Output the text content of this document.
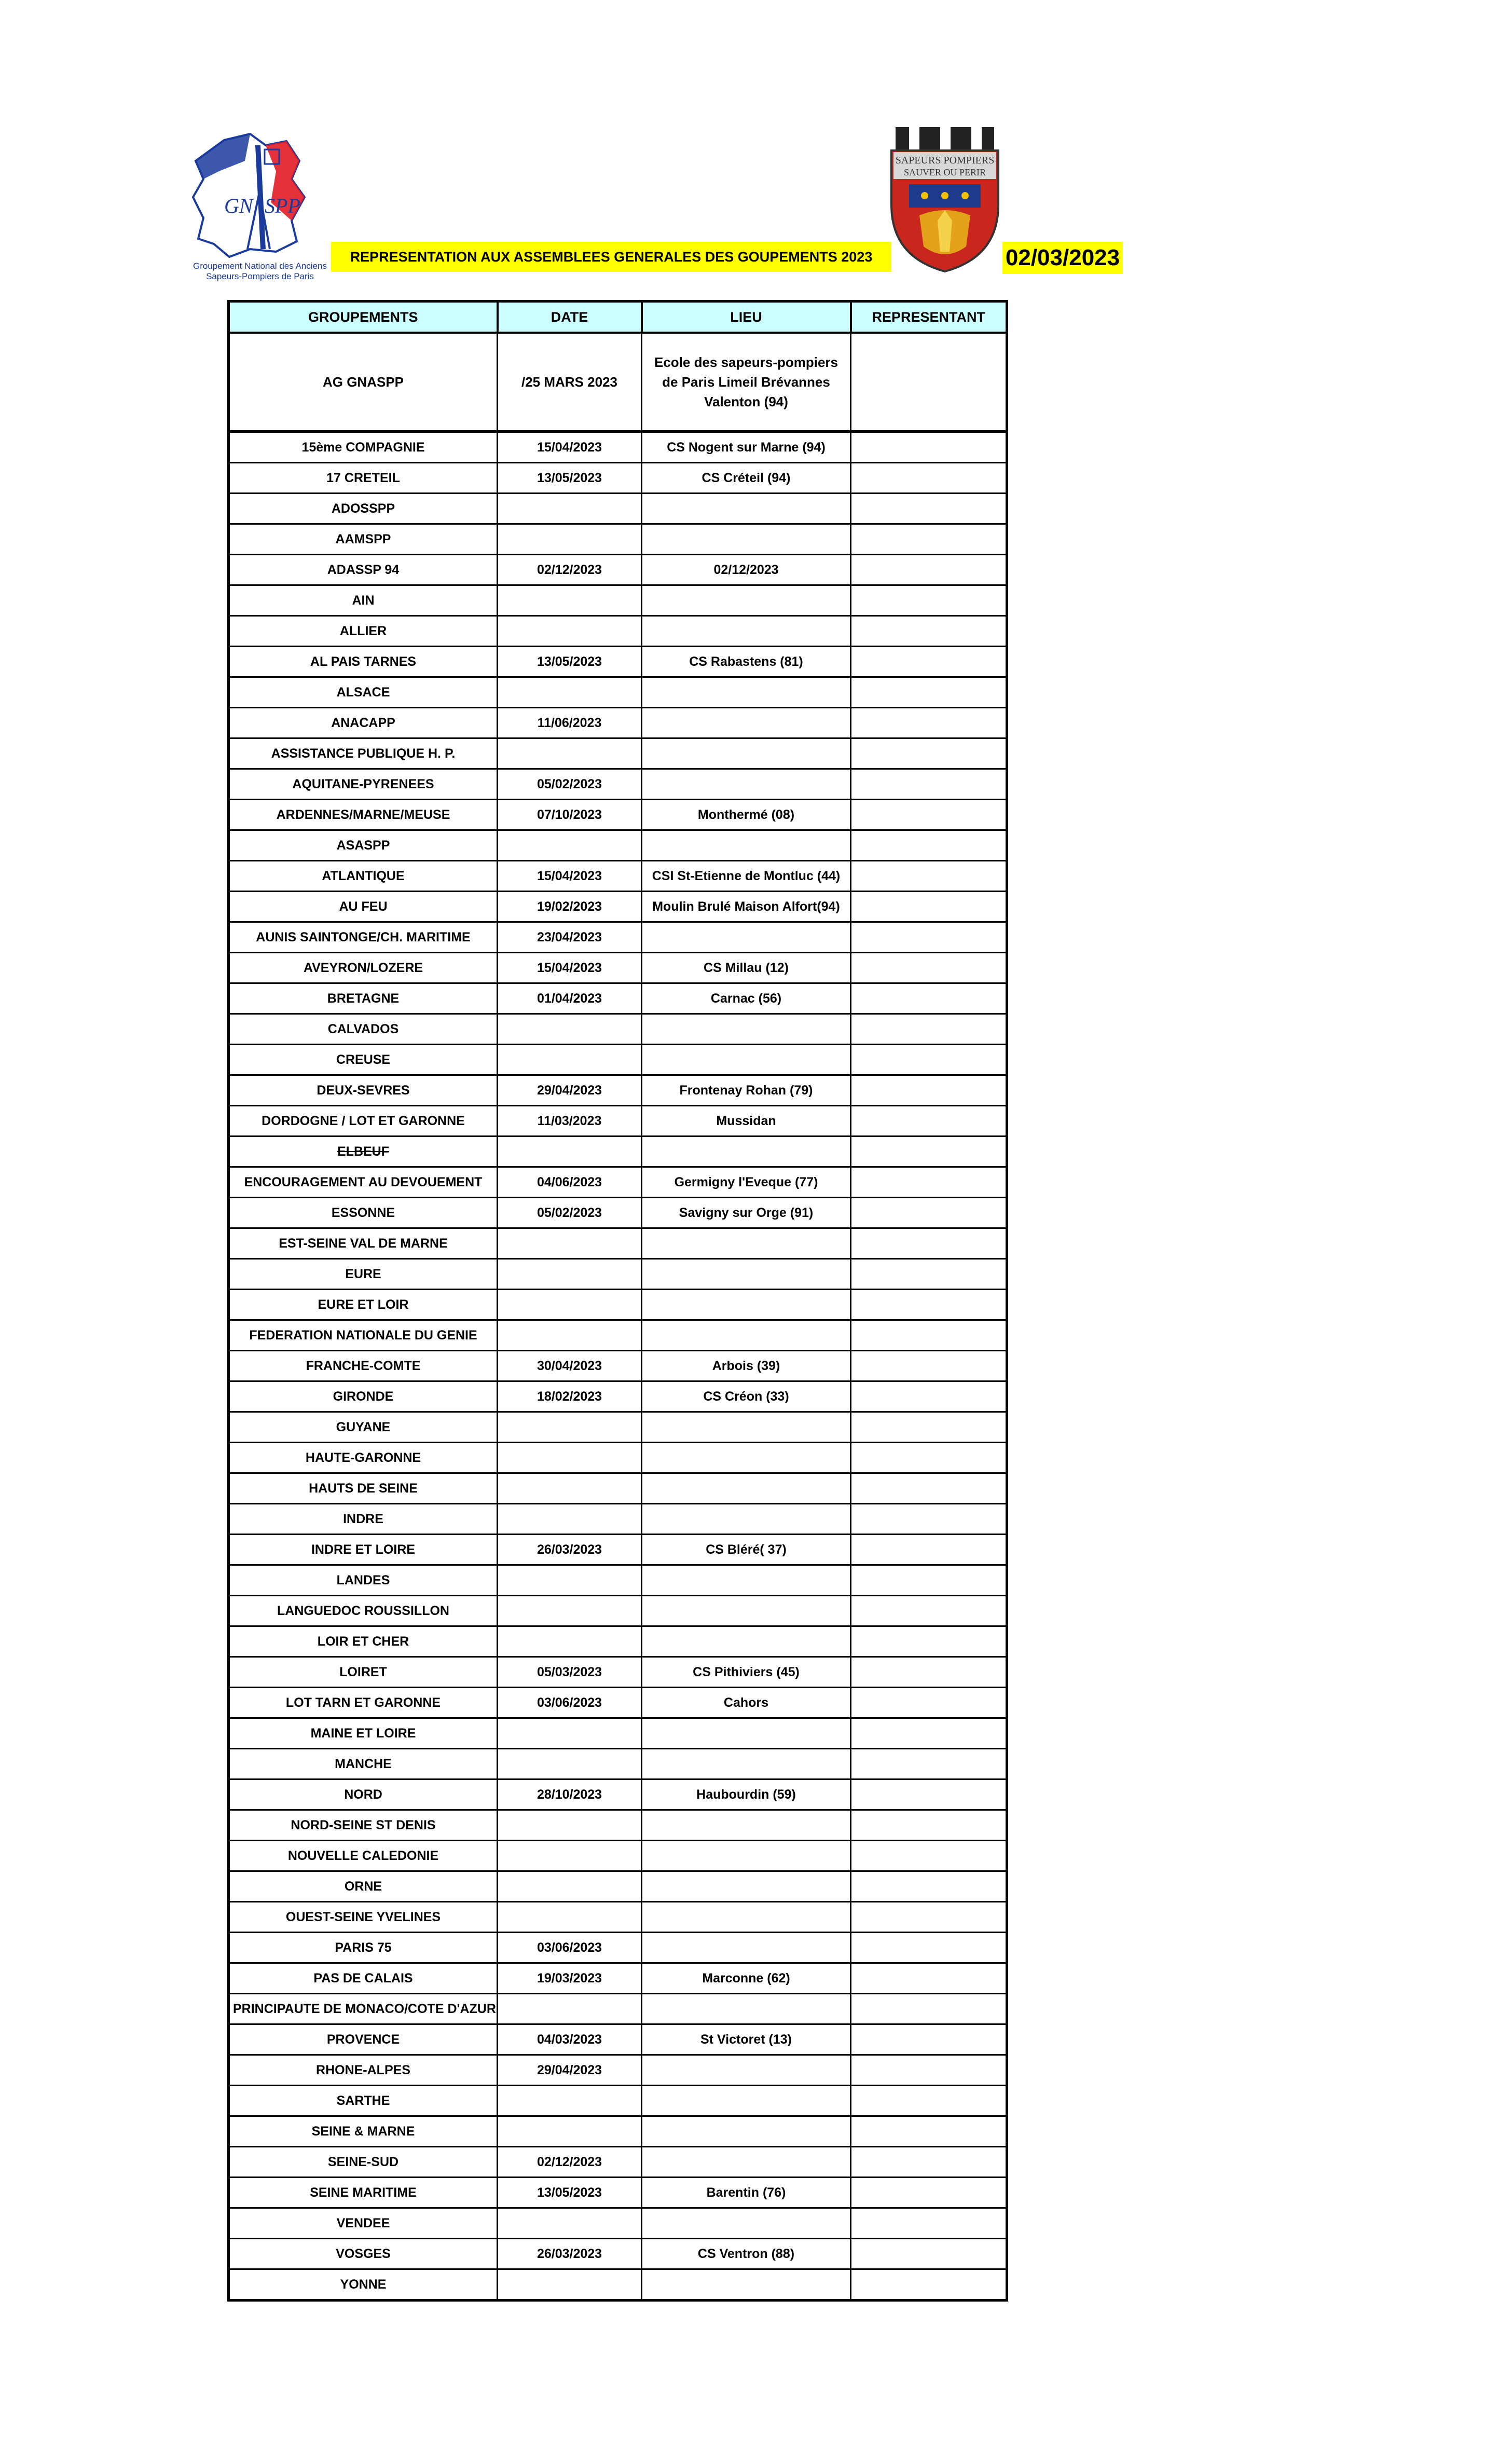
GN SPP
Groupement National des Anciens
Sapeurs-Pompiers de Paris
SAPEURS POMPIERS
SAUVER OU PERIR
REPRESENTATION AUX ASSEMBLEES GENERALES DES GOUPEMENTS 2023	02/03/2023
GROUPEMENTS	DATE	LIEU	REPRESENTANT
AG GNASPP	/25 MARS 2023	Ecole des sapeurs-pompiers de Paris Limeil Brévannes Valenton (94)	
15ème COMPAGNIE	15/04/2023	CS Nogent sur Marne (94)	
17 CRETEIL	13/05/2023	CS Créteil (94)	
ADOSSPP			
AAMSPP			
ADASSP 94	02/12/2023	02/12/2023	
AIN			
ALLIER			
AL PAIS TARNES	13/05/2023	CS Rabastens (81)	
ALSACE			
ANACAPP	11/06/2023		
ASSISTANCE PUBLIQUE H. P.			
AQUITANE-PYRENEES	05/02/2023		
ARDENNES/MARNE/MEUSE	07/10/2023	Monthermé (08)	
ASASPP			
ATLANTIQUE	15/04/2023	CSI St-Etienne de Montluc (44)	
AU FEU	19/02/2023	Moulin Brulé Maison Alfort(94)	
AUNIS SAINTONGE/CH. MARITIME	23/04/2023		
AVEYRON/LOZERE	15/04/2023	CS Millau (12)	
BRETAGNE	01/04/2023	Carnac (56)	
CALVADOS			
CREUSE			
DEUX-SEVRES	29/04/2023	Frontenay Rohan (79)	
DORDOGNE / LOT ET GARONNE	11/03/2023	Mussidan	
ELBEUF			
ENCOURAGEMENT AU DEVOUEMENT	04/06/2023	Germigny l'Eveque (77)	
ESSONNE	05/02/2023	Savigny sur Orge (91)	
EST-SEINE VAL DE MARNE			
EURE			
EURE ET LOIR			
FEDERATION NATIONALE DU GENIE			
FRANCHE-COMTE	30/04/2023	Arbois (39)	
GIRONDE	18/02/2023	CS Créon (33)	
GUYANE			
HAUTE-GARONNE			
HAUTS DE SEINE			
INDRE			
INDRE ET LOIRE	26/03/2023	CS Bléré( 37)	
LANDES			
LANGUEDOC ROUSSILLON			
LOIR ET CHER			
LOIRET	05/03/2023	CS Pithiviers (45)	
LOT TARN ET GARONNE	03/06/2023	Cahors	
MAINE ET LOIRE			
MANCHE			
NORD	28/10/2023	Haubourdin (59)	
NORD-SEINE ST DENIS			
NOUVELLE CALEDONIE			
ORNE			
OUEST-SEINE YVELINES			
PARIS 75	03/06/2023		
PAS DE CALAIS	19/03/2023	Marconne (62)	
PRINCIPAUTE DE MONACO/COTE D'AZUR			
PROVENCE	04/03/2023	St Victoret (13)	
RHONE-ALPES	29/04/2023		
SARTHE			
SEINE & MARNE			
SEINE-SUD	02/12/2023		
SEINE MARITIME	13/05/2023	Barentin (76)	
VENDEE			
VOSGES	26/03/2023	CS Ventron (88)	
YONNE			
